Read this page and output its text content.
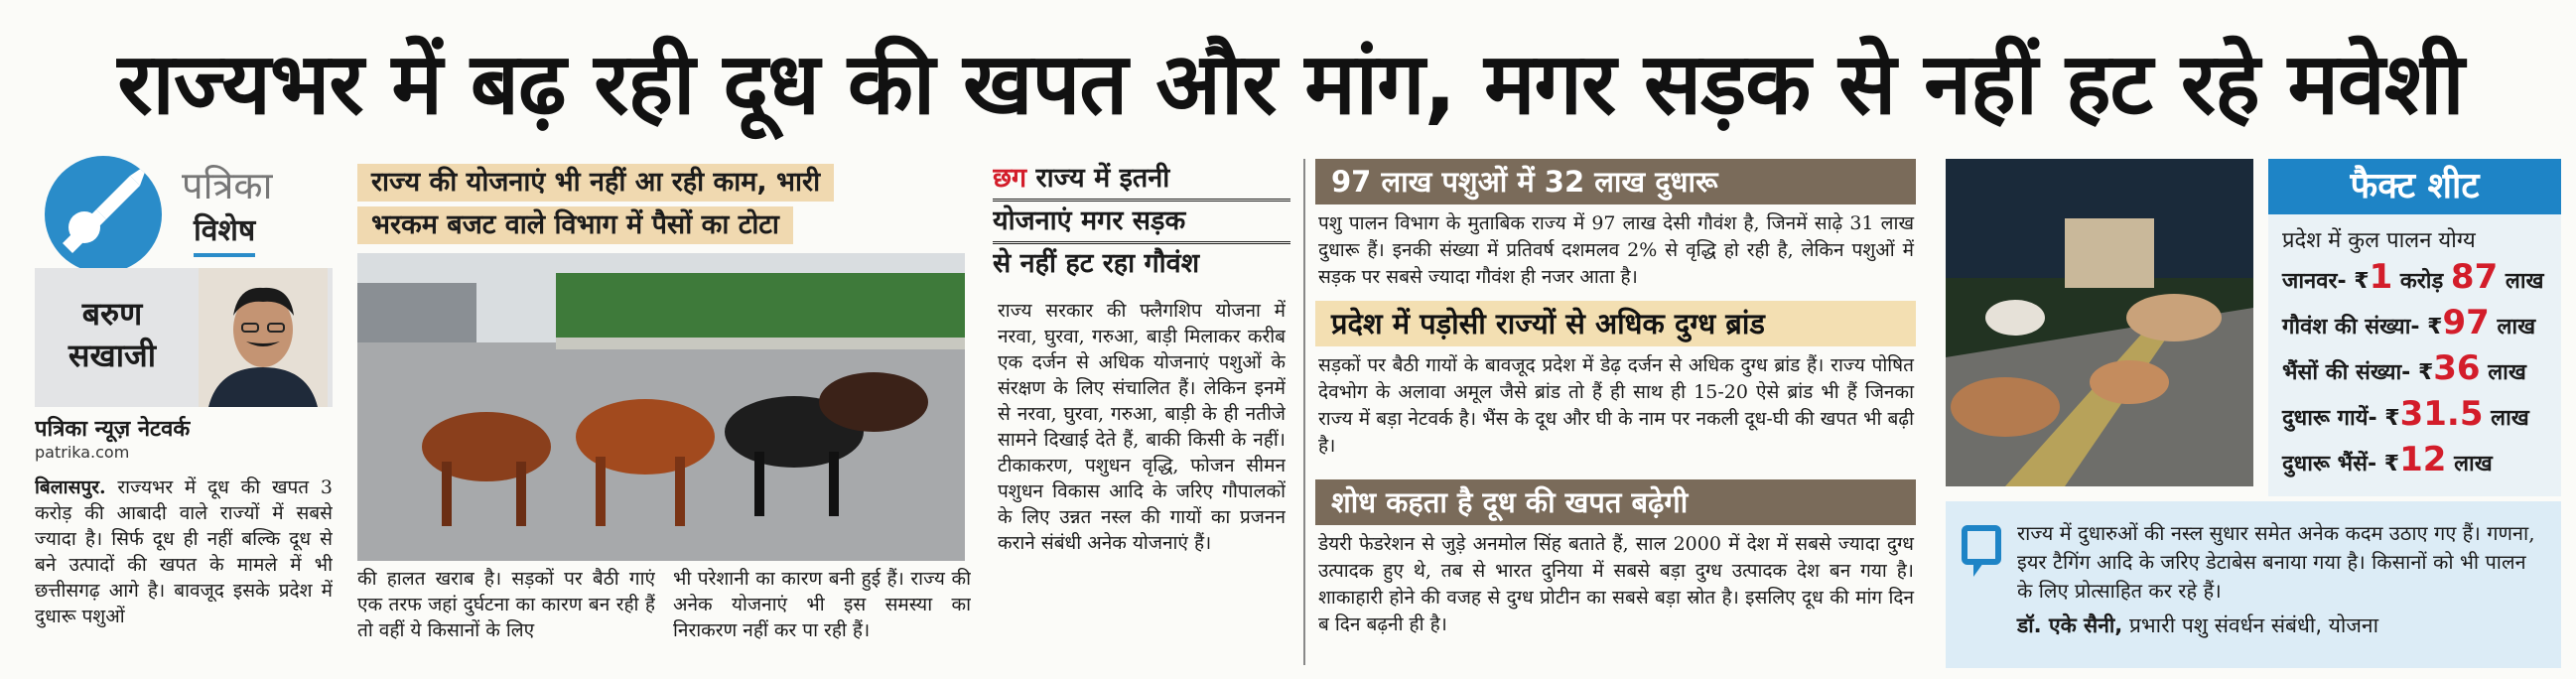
राज्यभर में बढ़ रही दूध की खपत और मांग, मगर सड़क से नहीं हट रहे मवेशी
पत्रिका
विशेष
बरुण
सखाजी
पत्रिका न्यूज़ नेटवर्क
patrika.com
बिलासपुर. राज्यभर में दूध की खपत 3 करोड़ की आबादी वाले राज्यों में सबसे ज्यादा है। सिर्फ दूध ही नहीं बल्कि दूध से बने उत्पादों की खपत के मामले में भी छत्तीसगढ़ आगे है। बावजूद इसके प्रदेश में दुधारू पशुओं
राज्य की योजनाएं भी नहीं आ रही काम, भारी
भरकम बजट वाले विभाग में पैसों का टोटा
की हालत खराब है। सड़कों पर बैठी गाएं एक तरफ जहां दुर्घटना का कारण बन रही हैं तो वहीं ये किसानों के लिए
भी परेशानी का कारण बनी हुई हैं। राज्य की अनेक योजनाएं भी इस समस्या का निराकरण नहीं कर पा रही हैं।
छग राज्य में इतनी
योजनाएं मगर सड़क
से नहीं हट रहा गौवंश
राज्य सरकार की फ्लैगशिप योजना में नरवा, घुरवा, गरुआ, बाड़ी मिलाकर करीब एक दर्जन से अधिक योजनाएं पशुओं के संरक्षण के लिए संचालित हैं। लेकिन इनमें से नरवा, घुरवा, गरुआ, बाड़ी के ही नतीजे सामने दिखाई देते हैं, बाकी किसी के नहीं। टीकाकरण, पशुधन वृद्धि, फोजन सीमन पशुधन विकास आदि के जरिए गौपालकों के लिए उन्नत नस्ल की गायों का प्रजनन कराने संबंधी अनेक योजनाएं हैं।
97 लाख पशुओं में 32 लाख दुधारू
पशु पालन विभाग के मुताबिक राज्य में 97 लाख देसी गौवंश है, जिनमें साढ़े 31 लाख दुधारू हैं। इनकी संख्या में प्रतिवर्ष दशमलव 2% से वृद्धि हो रही है, लेकिन पशुओं में सड़क पर सबसे ज्यादा गौवंश ही नजर आता है।
प्रदेश में पड़ोसी राज्यों से अधिक दुग्ध ब्रांड
सड़कों पर बैठी गायों के बावजूद प्रदेश में डेढ़ दर्जन से अधिक दुग्ध ब्रांड हैं। राज्य पोषित देवभोग के अलावा अमूल जैसे ब्रांड तो हैं ही साथ ही 15-20 ऐसे ब्रांड भी हैं जिनका राज्य में बड़ा नेटवर्क है। भैंस के दूध और घी के नाम पर नकली दूध-घी की खपत भी बढ़ी है।
शोध कहता है दूध की खपत बढ़ेगी
डेयरी फेडरेशन से जुड़े अनमोल सिंह बताते हैं, साल 2000 में देश में सबसे ज्यादा दुग्ध उत्पादक हुए थे, तब से भारत दुनिया में सबसे बड़ा दुग्ध उत्पादक देश बन गया है। शाकाहारी होने की वजह से दुग्ध प्रोटीन का सबसे बड़ा स्रोत है। इसलिए दूध की मांग दिन ब दिन बढ़नी ही है।
फैक्ट शीट
प्रदेश में कुल पालन योग्य
जानवर- ₹1 करोड़ 87 लाख
गौवंश की संख्या- ₹97 लाख
भैंसों की संख्या- ₹36 लाख
दुधारू गायें- ₹31.5 लाख
दुधारू भैंसें- ₹12 लाख
राज्य में दुधारुओं की नस्ल सुधार समेत अनेक कदम उठाए गए हैं। गणना, इयर टैगिंग आदि के जरिए डेटाबेस बनाया गया है। किसानों को भी पालन के लिए प्रोत्साहित कर रहे हैं।
डॉ. एके सैनी, प्रभारी पशु संवर्धन संबंधी, योजना
